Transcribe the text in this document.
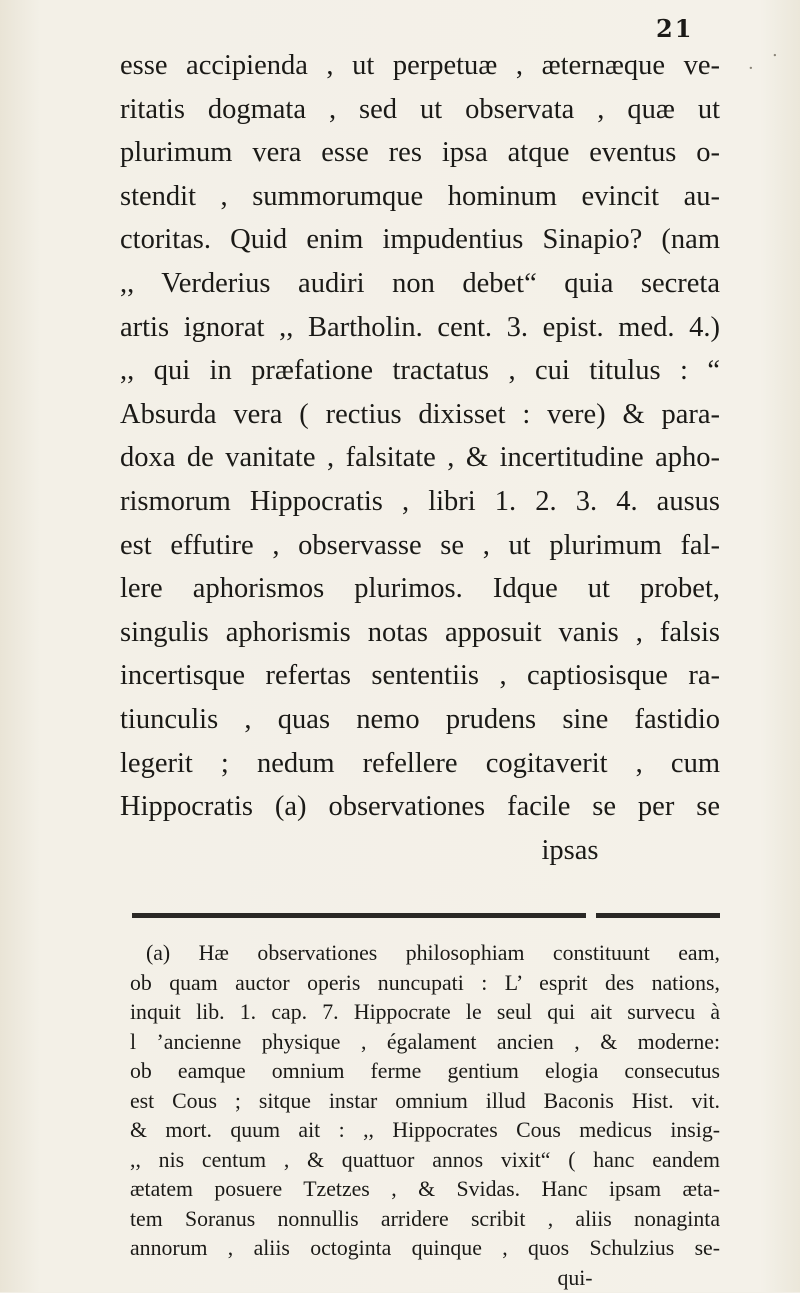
21
esse accipienda , ut perpetuæ , æternæque ve-
ritatis dogmata , sed ut observata , quæ ut
plurimum vera esse res ipsa atque eventus o-
stendit , summorumque hominum evincit au-
ctoritas. Quid enim impudentius Sinapio? (nam
,, Verderius audiri non debet“ quia secreta
artis ignorat ,, Bartholin. cent. 3. epist. med. 4.)
,, qui in præfatione tractatus , cui titulus : “
Absurda vera ( rectius dixisset : vere) & para-
doxa de vanitate , falsitate , & incertitudine apho-
rismorum Hippocratis , libri 1. 2. 3. 4. ausus
est effutire , observasse se , ut plurimum fal-
lere aphorismos plurimos. Idque ut probet,
singulis aphorismis notas apposuit vanis , falsis
incertisque refertas sententiis , captiosisque ra-
tiunculis , quas nemo prudens sine fastidio
legerit ; nedum refellere cogitaverit , cum
Hippocratis (a) observationes facile se per se
ipsas
(a) Hæ observationes philosophiam constituunt eam,
ob quam auctor operis nuncupati : L’ esprit des nations,
inquit lib. 1. cap. 7. Hippocrate le seul qui ait survecu à
l ’ancienne physique , égalament ancien , & moderne:
ob eamque omnium ferme gentium elogia consecutus
est Cous ; sitque instar omnium illud Baconis Hist. vit.
& mort. quum ait : ,, Hippocrates Cous medicus insig-
,, nis centum , & quattuor annos vixit“ ( hanc eandem
ætatem posuere Tzetzes , & Svidas. Hanc ipsam æta-
tem Soranus nonnullis arridere scribit , aliis nonaginta
annorum , aliis octoginta quinque , quos Schulzius se-
qui-
·
.
